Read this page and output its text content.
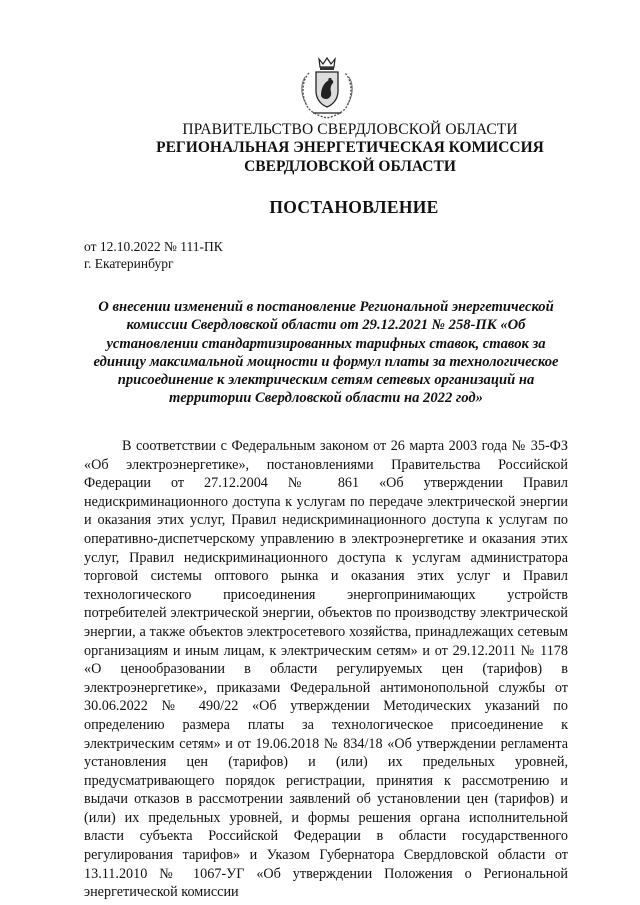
ПРАВИТЕЛЬСТВО СВЕРДЛОВСКОЙ ОБЛАСТИ
РЕГИОНАЛЬНАЯ ЭНЕРГЕТИЧЕСКАЯ КОМИССИЯ
СВЕРДЛОВСКОЙ ОБЛАСТИ
ПОСТАНОВЛЕНИЕ
от 12.10.2022 № 111-ПК
г. Екатеринбург
О внесении изменений в постановление Региональной энергетической комиссии Свердловской области от 29.12.2021 № 258-ПК «Об установлении стандартизированных тарифных ставок, ставок за единицу максимальной мощности и формул платы за технологическое присоединение к электрическим сетям сетевых организаций на территории Свердловской области на 2022 год»

В соответствии с Федеральным законом от 26 марта 2003 года № 35-ФЗ «Об электроэнергетике», постановлениями Правительства Российской Федерации от 27.12.2004 № 861 «Об утверждении Правил недискриминационного доступа к услугам по передаче электрической энергии и оказания этих услуг, Правил недискриминационного доступа к услугам по оперативно-диспетчерскому управлению в электроэнергетике и оказания этих услуг, Правил недискриминационного доступа к услугам администратора торговой системы оптового рынка и оказания этих услуг и Правил технологического присоединения энергопринимающих устройств потребителей электрической энергии, объектов по производству электрической энергии, а также объектов электросетевого хозяйства, принадлежащих сетевым организациям и иным лицам, к электрическим сетям» и от 29.12.2011 № 1178 «О ценообразовании в области регулируемых цен (тарифов) в электроэнергетике», приказами Федеральной антимонопольной службы от 30.06.2022 № 490/22 «Об утверждении Методических указаний по определению размера платы за технологическое присоединение к электрическим сетям» и от 19.06.2018 № 834/18 «Об утверждении регламента установления цен (тарифов) и (или) их предельных уровней, предусматривающего порядок регистрации, принятия к рассмотрению и выдачи отказов в рассмотрении заявлений об установлении цен (тарифов) и (или) их предельных уровней, и формы решения органа исполнительной власти субъекта Российской Федерации в области государственного регулирования тарифов» и Указом Губернатора Свердловской области от 13.11.2010 № 1067-УГ «Об утверждении Положения о Региональной энергетической комиссии
